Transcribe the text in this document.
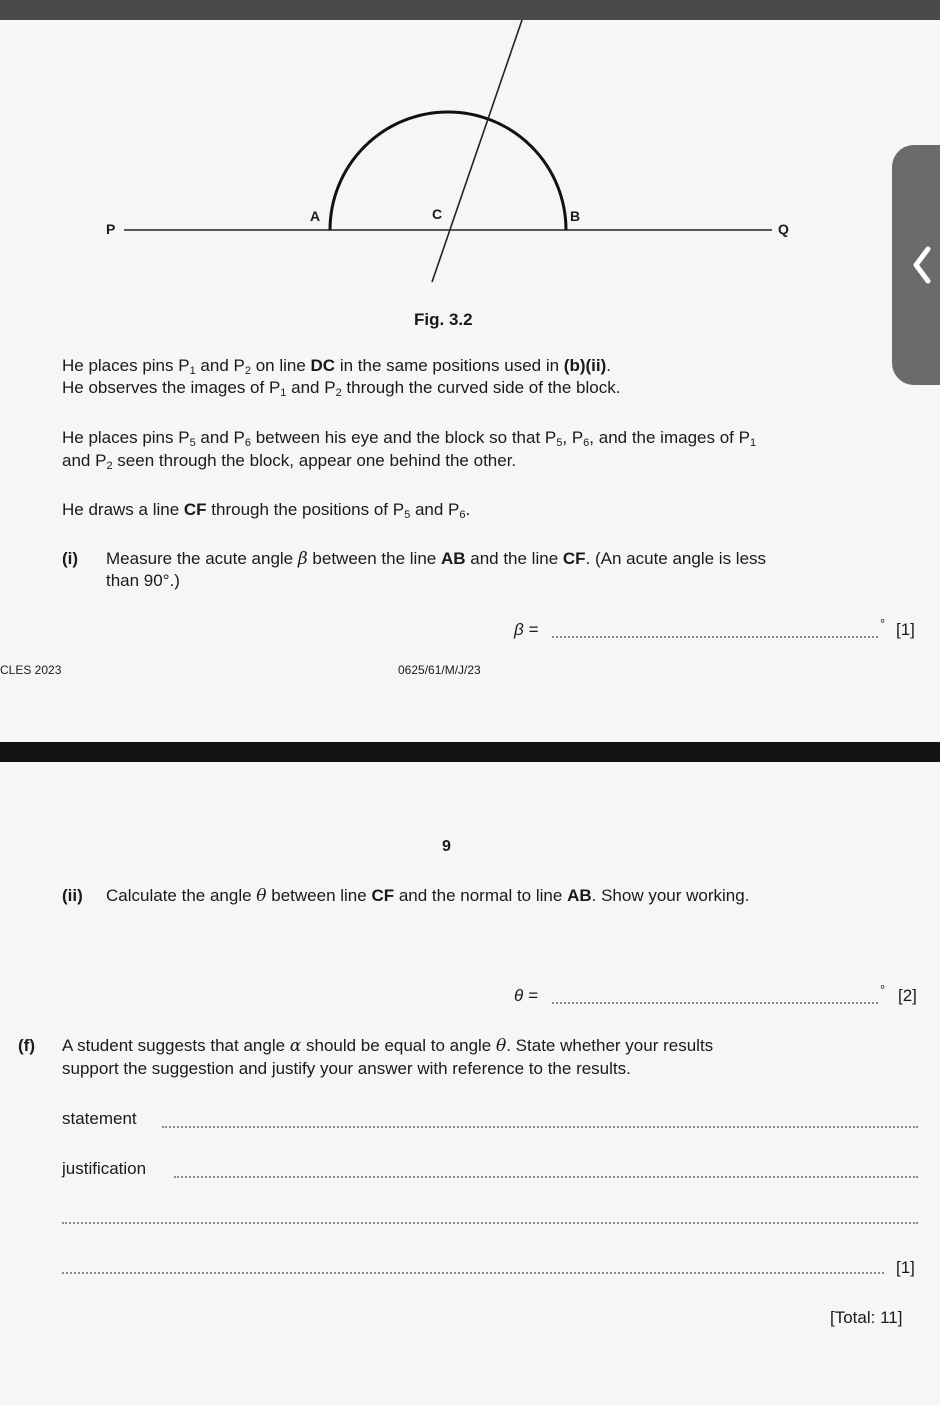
P	Q
A	C	B
Fig. 3.2
He places pins $P_1$ and $P_2$ on line DC in the same positions used in (b)(ii).
He observes the images of $P_1$ and $P_2$ through the curved side of the block.
He places pins $P_5$ and $P_6$ between his eye and the block so that $P_5$, $P_6$, and the images of $P_1$
and $P_2$ seen through the block, appear one behind the other.
He draws a line CF through the positions of $P_5$ and $P_6$.
(i) Measure the acute angle β between the line AB and the line CF. (An acute angle is less
than 90°.)
β =	° [1]
CLES 2023	0625/61/M/J/23
9
(ii) Calculate the angle θ between line CF and the normal to line AB. Show your working.
θ =	° [2]
(f) A student suggests that angle α should be equal to angle θ. State whether your results
support the suggestion and justify your answer with reference to the results.
statement
justification
[1]
[Total: 11]
